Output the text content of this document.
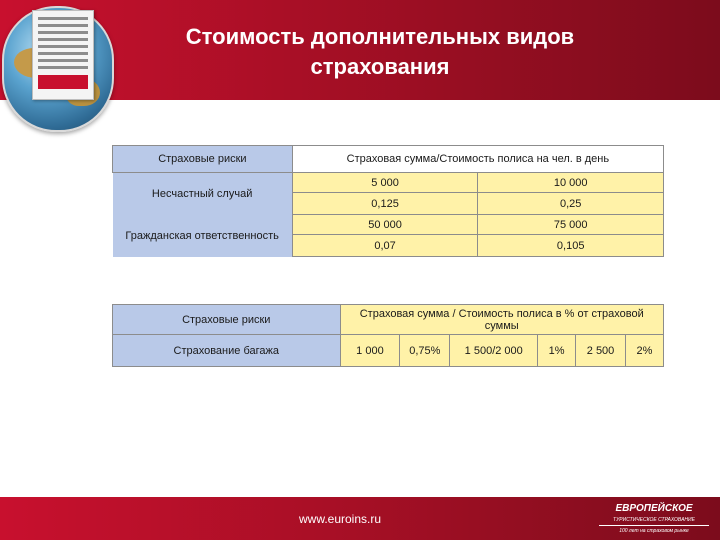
Стоимость дополнительных видов
страхования
Страховые риски	Страховая сумма/Стоимость полиса на чел. в день	
Несчастный случай	5 000	10 000
	0,125	0,25
Гражданская ответственность	50 000	75 000
	0,07	0,105
Страховые риски	Страховая сумма / Стоимость полиса в % от страховой суммы					
Страхование багажа	1 000	0,75%	1 500/2 000	1%	2 500	2%
www.euroins.ru
ЕВРОПЕЙСКОЕ
ТУРИСТИЧЕСКОЕ СТРАХОВАНИЕ
100 лет на страховом рынке
